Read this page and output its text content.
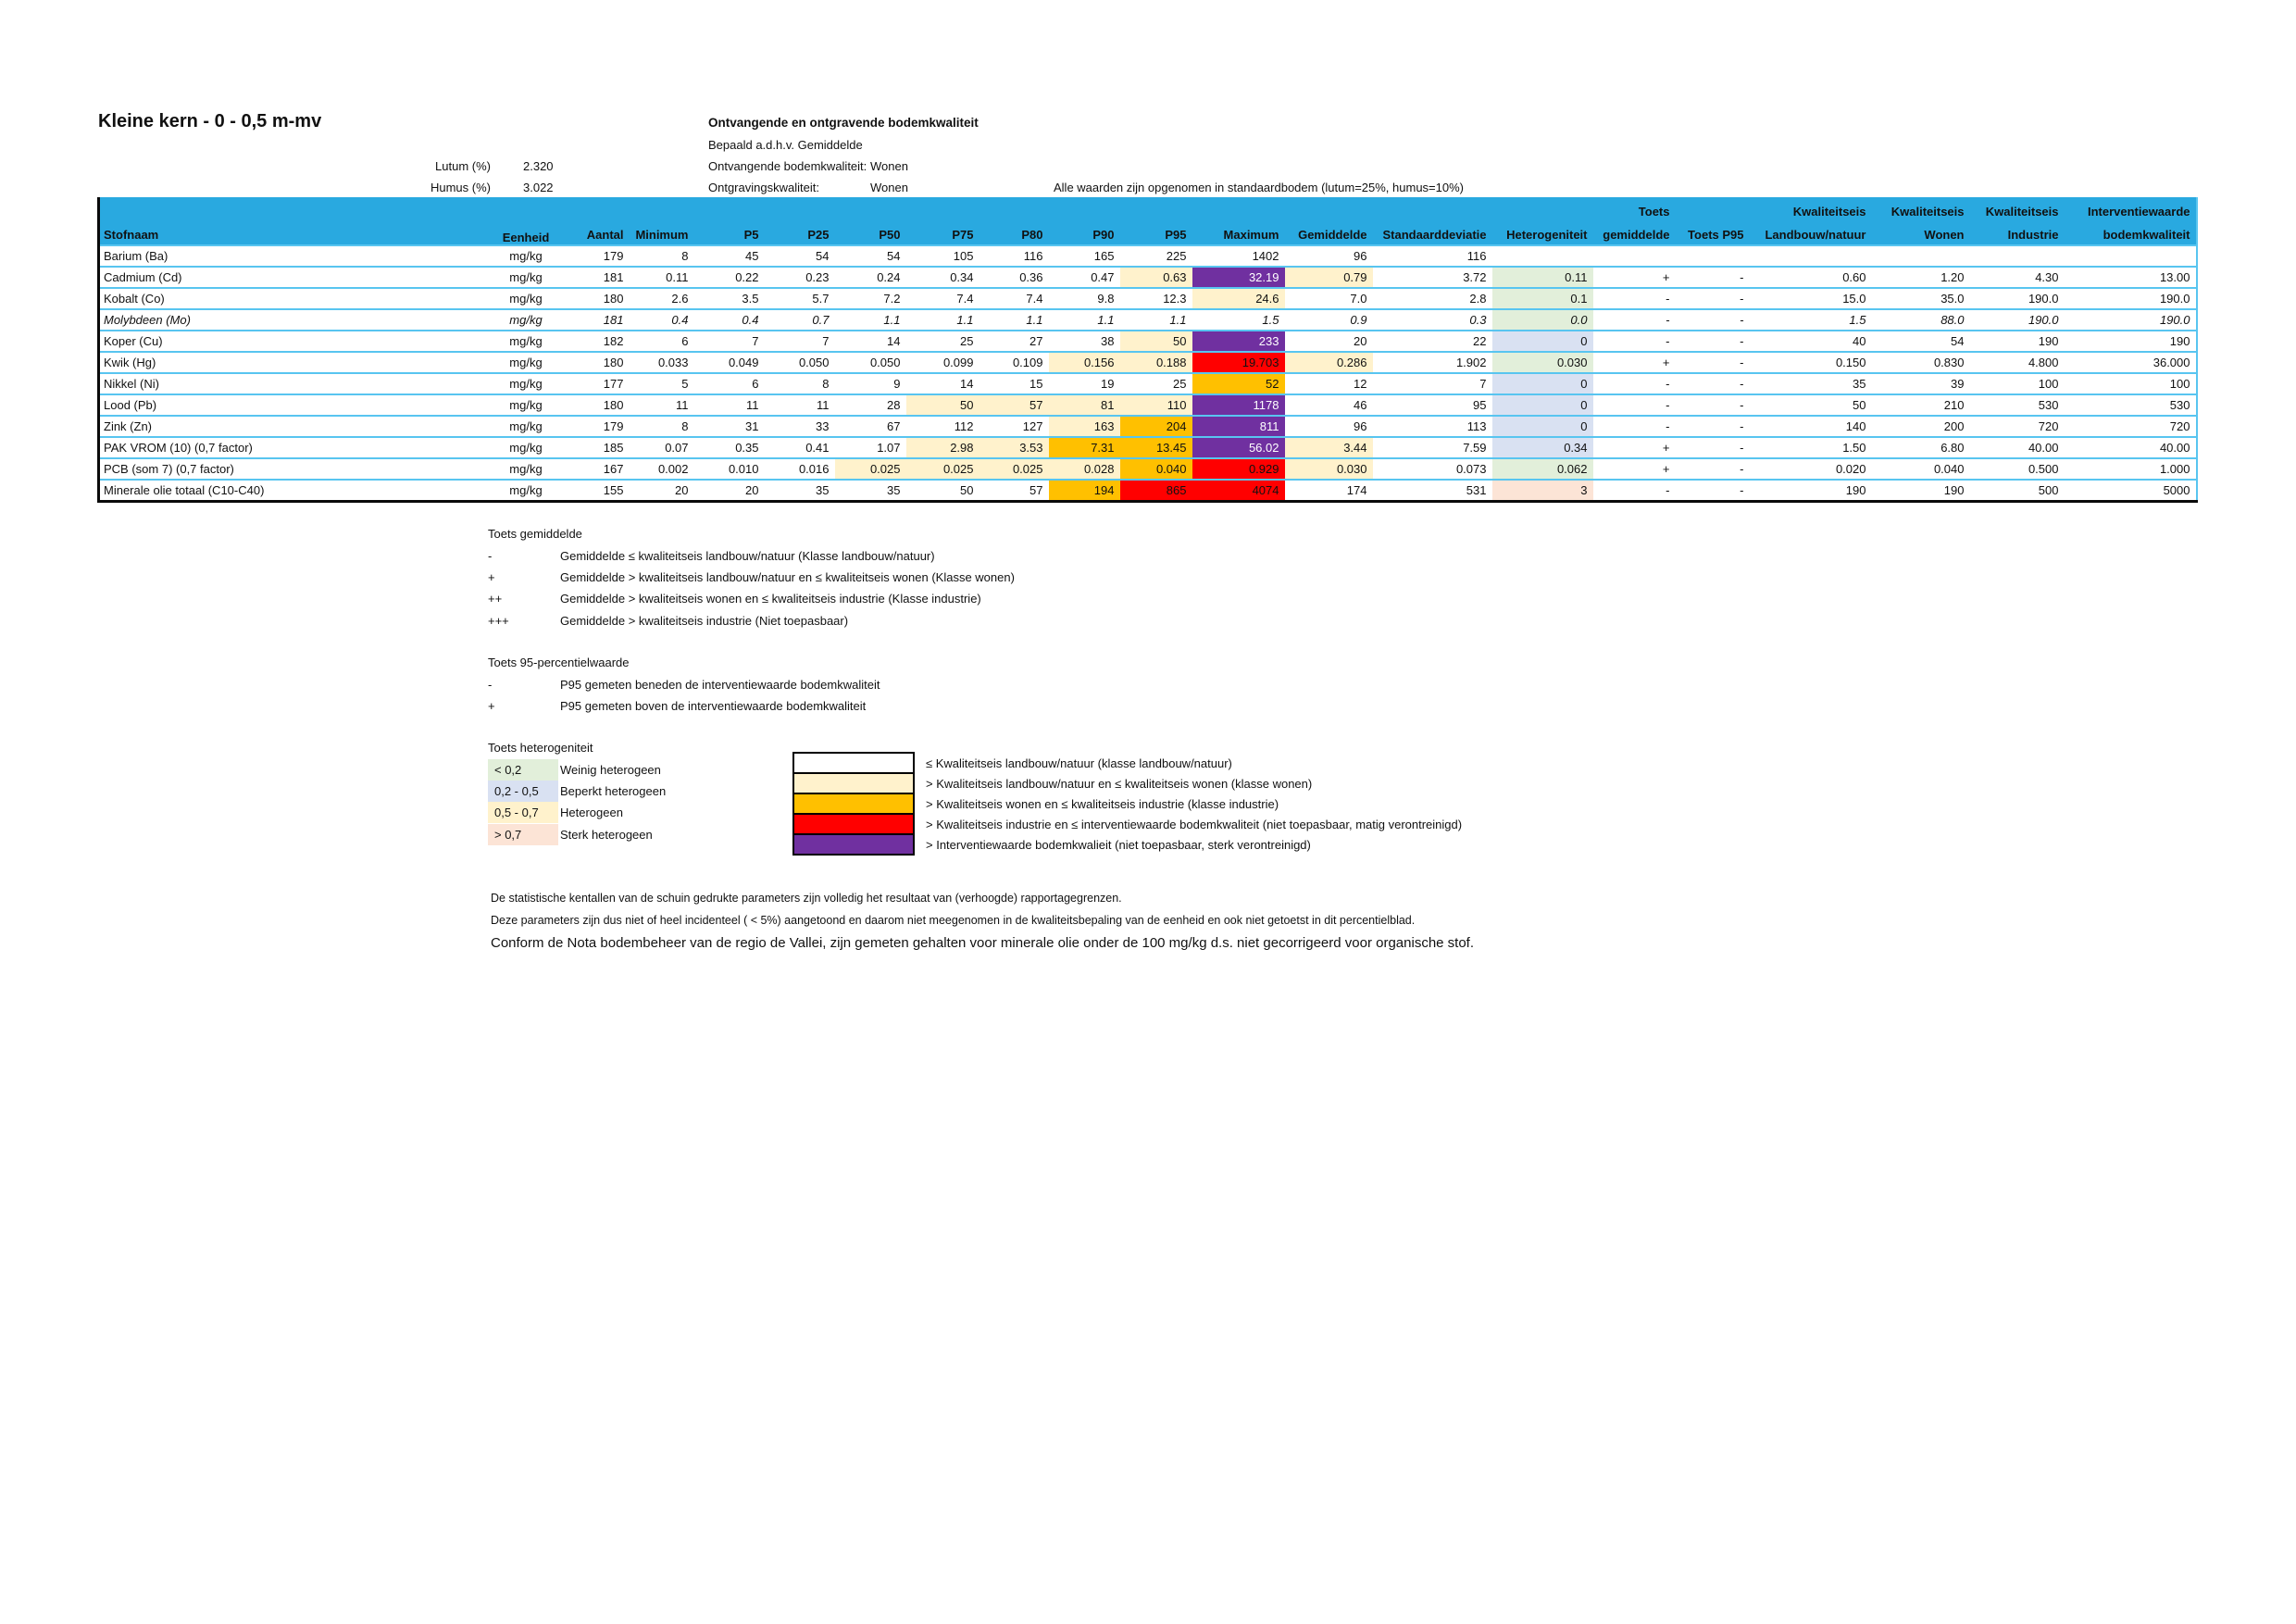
Kleine kern - 0 - 0,5 m-mv
Lutum (%)	2.320
Humus (%)	3.022
Ontvangende en ontgravende bodemkwaliteit
Bepaald a.d.h.v. Gemiddelde
Ontvangende bodemkwaliteit: Wonen
Ontgravingskwaliteit:	Wonen	Alle waarden zijn opgenomen in standaardbodem (lutum=25%, humus=10%)
															Toets		Kwaliteitseis	Kwaliteitseis	Kwaliteitseis	Interventiewaarde
Stofnaam	Eenheid	Aantal	Minimum	P5	P25	P50	P75	P80	P90	P95	Maximum	Gemiddelde	Standaarddeviatie	Heterogeniteit	gemiddelde	Toets P95	Landbouw/natuur	Wonen	Industrie	bodemkwaliteit
Barium (Ba)	mg/kg	179	8	45	54	54	105	116	165	225	1402	96	116							
Cadmium (Cd)	mg/kg	181	0.11	0.22	0.23	0.24	0.34	0.36	0.47	0.63	32.19	0.79	3.72	0.11	+	-	0.60	1.20	4.30	13.00
Kobalt (Co)	mg/kg	180	2.6	3.5	5.7	7.2	7.4	7.4	9.8	12.3	24.6	7.0	2.8	0.1	-	-	15.0	35.0	190.0	190.0
Molybdeen (Mo)	mg/kg	181	0.4	0.4	0.7	1.1	1.1	1.1	1.1	1.1	1.5	0.9	0.3	0.0	-	-	1.5	88.0	190.0	190.0
Koper (Cu)	mg/kg	182	6	7	7	14	25	27	38	50	233	20	22	0	-	-	40	54	190	190
Kwik (Hg)	mg/kg	180	0.033	0.049	0.050	0.050	0.099	0.109	0.156	0.188	19.703	0.286	1.902	0.030	+	-	0.150	0.830	4.800	36.000
Nikkel (Ni)	mg/kg	177	5	6	8	9	14	15	19	25	52	12	7	0	-	-	35	39	100	100
Lood (Pb)	mg/kg	180	11	11	11	28	50	57	81	110	1178	46	95	0	-	-	50	210	530	530
Zink (Zn)	mg/kg	179	8	31	33	67	112	127	163	204	811	96	113	0	-	-	140	200	720	720
PAK VROM (10) (0,7 factor)	mg/kg	185	0.07	0.35	0.41	1.07	2.98	3.53	7.31	13.45	56.02	3.44	7.59	0.34	+	-	1.50	6.80	40.00	40.00
PCB (som 7) (0,7 factor)	mg/kg	167	0.002	0.010	0.016	0.025	0.025	0.025	0.028	0.040	0.929	0.030	0.073	0.062	+	-	0.020	0.040	0.500	1.000
Minerale olie totaal (C10-C40)	mg/kg	155	20	20	35	35	50	57	194	865	4074	174	531	3	-	-	190	190	500	5000
Toets gemiddelde
-	Gemiddelde ≤ kwaliteitseis landbouw/natuur (Klasse landbouw/natuur)
+	Gemiddelde > kwaliteitseis landbouw/natuur en ≤ kwaliteitseis wonen (Klasse wonen)
++	Gemiddelde > kwaliteitseis wonen en ≤ kwaliteitseis industrie (Klasse industrie)
+++	Gemiddelde > kwaliteitseis industrie (Niet toepasbaar)
Toets 95-percentielwaarde
-	P95 gemeten beneden de interventiewaarde bodemkwaliteit
+	P95 gemeten boven de interventiewaarde bodemkwaliteit
Toets heterogeniteit
< 0,2	Weinig heterogeen
0,2 - 0,5	Beperkt heterogeen
0,5 - 0,7	Heterogeen
> 0,7	Sterk heterogeen
≤ Kwaliteitseis landbouw/natuur (klasse landbouw/natuur)
> Kwaliteitseis landbouw/natuur en ≤ kwaliteitseis wonen (klasse wonen)
> Kwaliteitseis wonen en ≤ kwaliteitseis industrie (klasse industrie)
> Kwaliteitseis industrie en ≤ interventiewaarde bodemkwaliteit (niet toepasbaar, matig verontreinigd)
> Interventiewaarde bodemkwalieit (niet toepasbaar, sterk verontreinigd)
De statistische kentallen van de schuin gedrukte parameters zijn volledig het resultaat van (verhoogde) rapportagegrenzen.
Deze parameters zijn dus niet of heel incidenteel ( < 5%) aangetoond en daarom niet meegenomen in de kwaliteitsbepaling van de eenheid en ook niet getoetst in dit percentielblad.
Conform de Nota bodembeheer van de regio de Vallei, zijn gemeten gehalten voor minerale olie onder de 100 mg/kg d.s. niet gecorrigeerd voor organische stof.
